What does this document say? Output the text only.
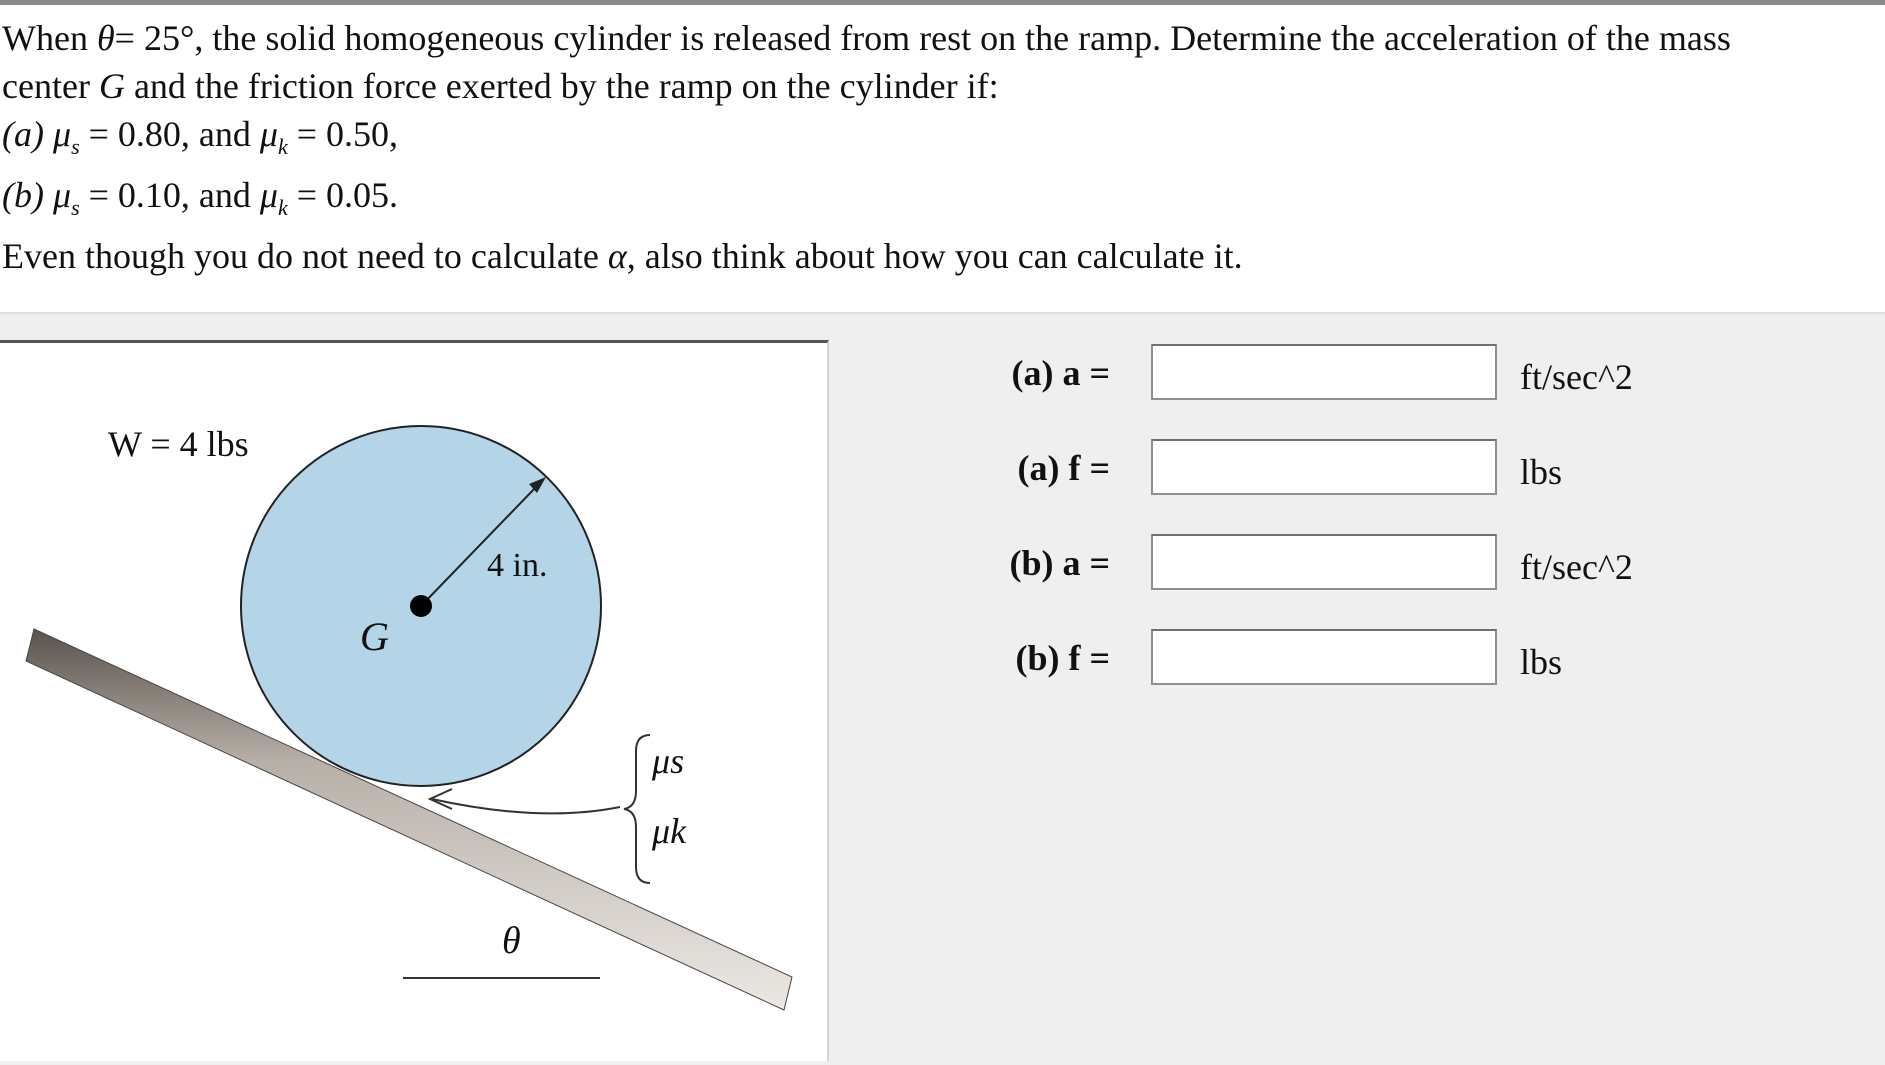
When θ= 25°, the solid homogeneous cylinder is released from rest on the ramp. Determine the acceleration of the mass

center G and the friction force exerted by the ramp on the cylinder if:

(a) $\mu_s = 0.80$, and $\mu_k = 0.50$,

(b) $\mu_s = 0.10$, and $\mu_k = 0.05$.

Even though you do not need to calculate α, also think about how you can calculate it.

W = 4 lbs
4 in.
G
μs
μk
θ
(a) a =	ft/sec^2
(a) f =	lbs
(b) a =	ft/sec^2
(b) f =	lbs
